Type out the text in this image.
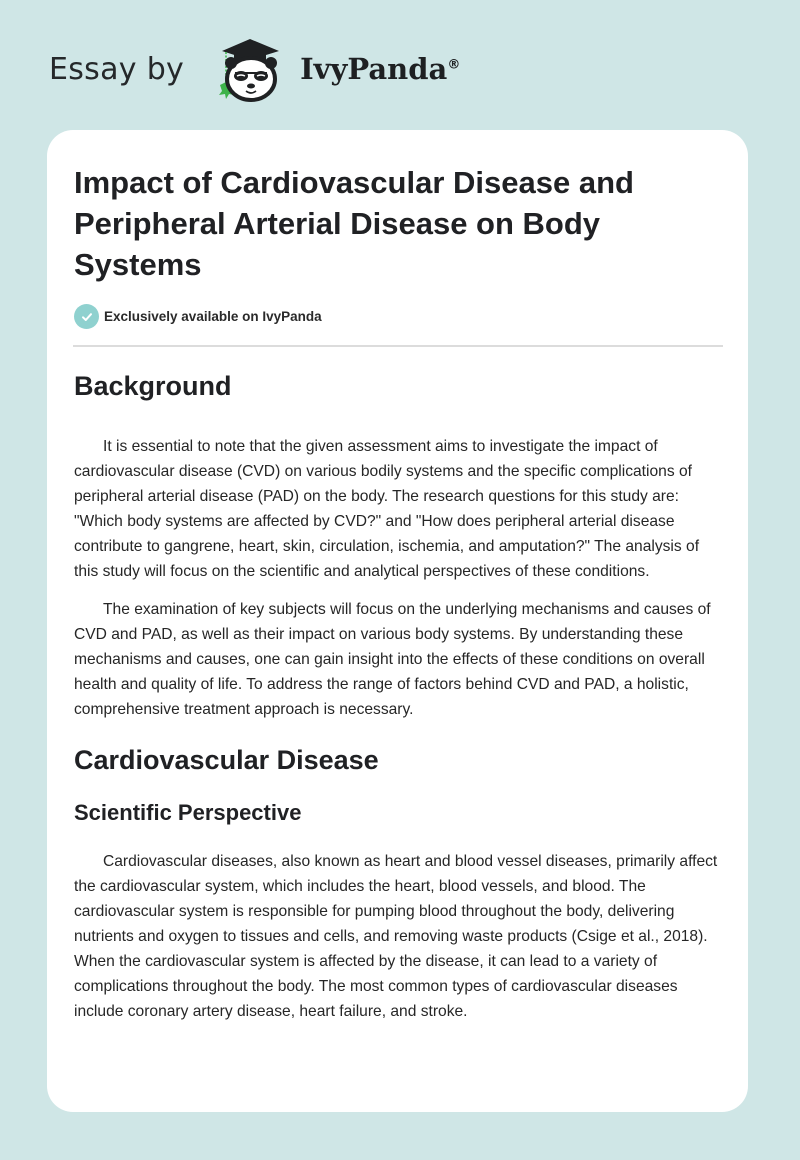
Essay by	IvyPanda®
Impact of Cardiovascular Disease and Peripheral Arterial Disease on Body Systems
Exclusively available on IvyPanda
Background

It is essential to note that the given assessment aims to investigate the impact of cardiovascular disease (CVD) on various bodily systems and the specific complications of peripheral arterial disease (PAD) on the body. The research questions for this study are: "Which body systems are affected by CVD?" and "How does peripheral arterial disease contribute to gangrene, heart, skin, circulation, ischemia, and amputation?" The analysis of this study will focus on the scientific and analytical perspectives of these conditions.

The examination of key subjects will focus on the underlying mechanisms and causes of CVD and PAD, as well as their impact on various body systems. By understanding these mechanisms and causes, one can gain insight into the effects of these conditions on overall health and quality of life. To address the range of factors behind CVD and PAD, a holistic, comprehensive treatment approach is necessary.

Cardiovascular Disease
Scientific Perspective

Cardiovascular diseases, also known as heart and blood vessel diseases, primarily affect the cardiovascular system, which includes the heart, blood vessels, and blood. The cardiovascular system is responsible for pumping blood throughout the body, delivering nutrients and oxygen to tissues and cells, and removing waste products (Csige et al., 2018). When the cardiovascular system is affected by the disease, it can lead to a variety of complications throughout the body. The most common types of cardiovascular diseases include coronary artery disease, heart failure, and stroke.
